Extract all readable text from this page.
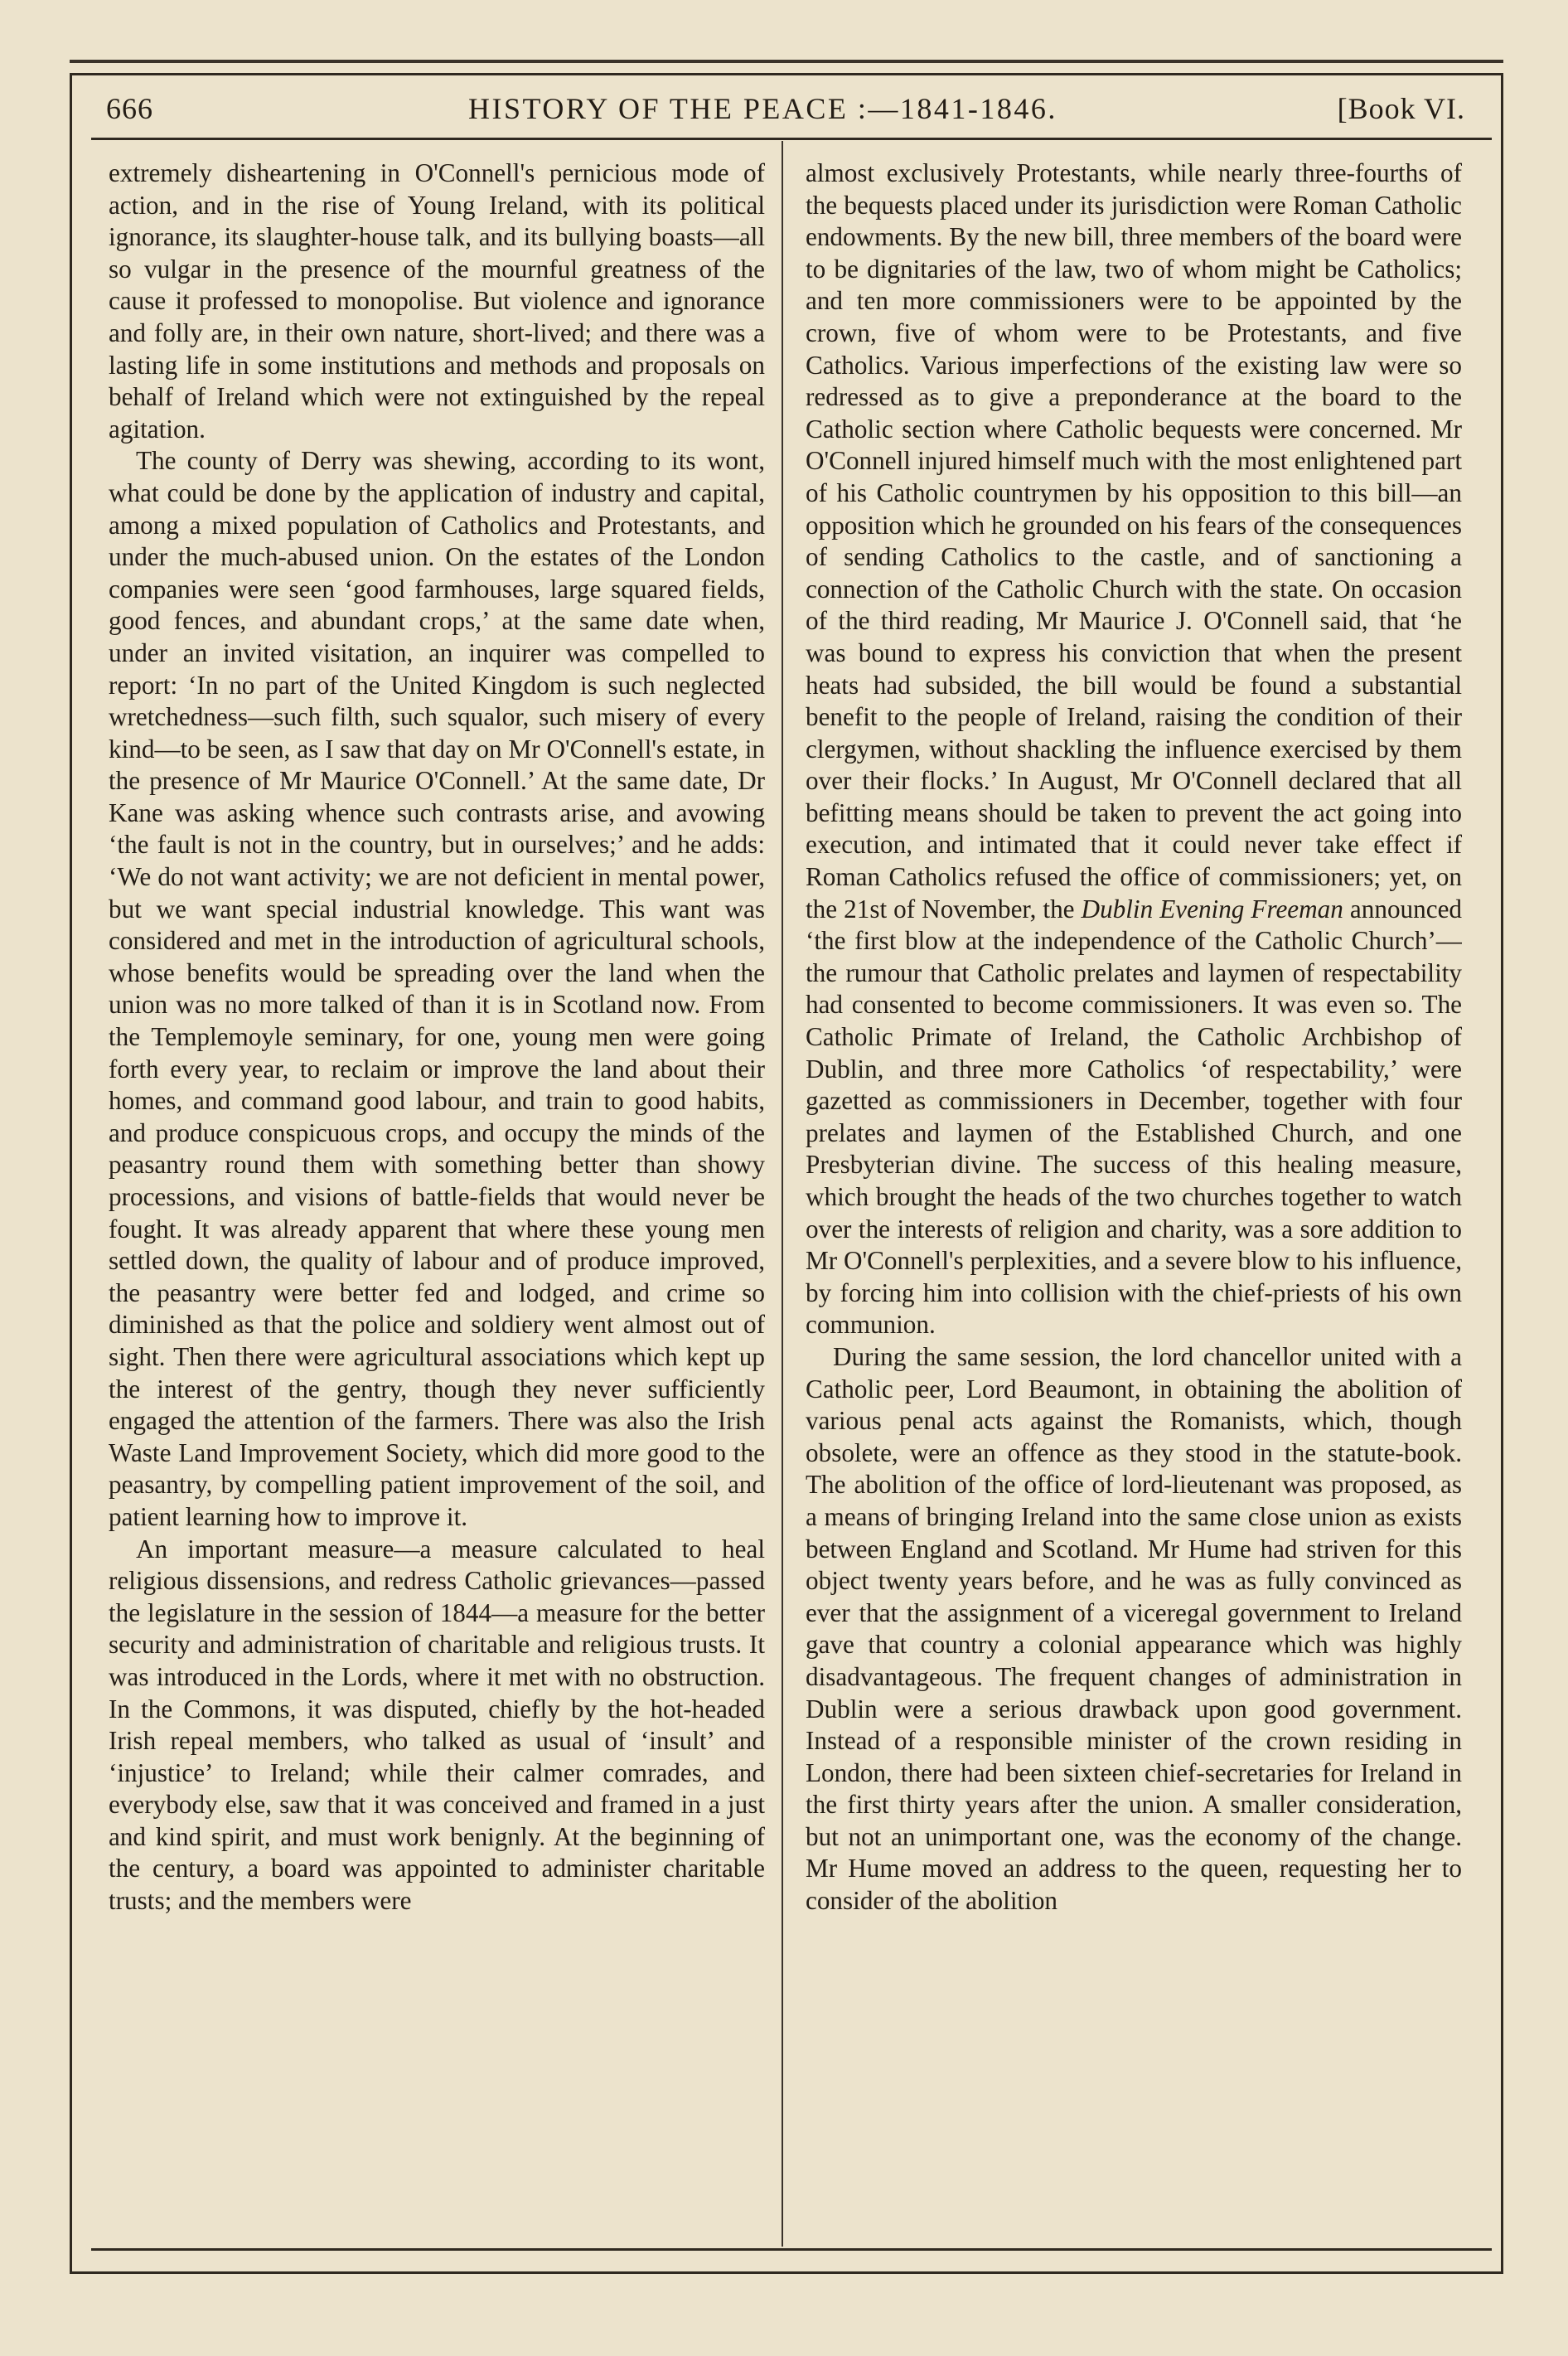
666	HISTORY OF THE PEACE :—1841-1846.	[Book VI.

extremely disheartening in O'Connell's pernicious mode of action, and in the rise of Young Ireland, with its political ignorance, its slaughter-house talk, and its bullying boasts—all so vulgar in the presence of the mournful greatness of the cause it professed to monopolise. But violence and ignorance and folly are, in their own nature, short-lived; and there was a lasting life in some institutions and methods and proposals on behalf of Ireland which were not extinguished by the repeal agitation.

The county of Derry was shewing, according to its wont, what could be done by the application of industry and capital, among a mixed population of Catholics and Protestants, and under the much-abused union. On the estates of the London companies were seen ‘good farmhouses, large squared fields, good fences, and abundant crops,’ at the same date when, under an invited visitation, an inquirer was compelled to report: ‘In no part of the United Kingdom is such neglected wretchedness—such filth, such squalor, such misery of every kind—to be seen, as I saw that day on Mr O'Connell's estate, in the presence of Mr Maurice O'Connell.’ At the same date, Dr Kane was asking whence such contrasts arise, and avowing ‘the fault is not in the country, but in ourselves;’ and he adds: ‘We do not want activity; we are not deficient in mental power, but we want special industrial knowledge. This want was considered and met in the introduction of agricultural schools, whose benefits would be spreading over the land when the union was no more talked of than it is in Scotland now. From the Templemoyle seminary, for one, young men were going forth every year, to reclaim or improve the land about their homes, and command good labour, and train to good habits, and produce conspicuous crops, and occupy the minds of the peasantry round them with something better than showy processions, and visions of battle-fields that would never be fought. It was already apparent that where these young men settled down, the quality of labour and of produce improved, the peasantry were better fed and lodged, and crime so diminished as that the police and soldiery went almost out of sight. Then there were agricultural associations which kept up the interest of the gentry, though they never sufficiently engaged the attention of the farmers. There was also the Irish Waste Land Improvement Society, which did more good to the peasantry, by compelling patient improvement of the soil, and patient learning how to improve it.

An important measure—a measure calculated to heal religious dissensions, and redress Catholic grievances—passed the legislature in the session of 1844—a measure for the better security and administration of charitable and religious trusts. It was introduced in the Lords, where it met with no obstruction. In the Commons, it was disputed, chiefly by the hot-headed Irish repeal members, who talked as usual of ‘insult’ and ‘injustice’ to Ireland; while their calmer comrades, and everybody else, saw that it was conceived and framed in a just and kind spirit, and must work benignly. At the beginning of the century, a board was appointed to administer charitable trusts; and the members were

almost exclusively Protestants, while nearly three-fourths of the bequests placed under its jurisdiction were Roman Catholic endowments. By the new bill, three members of the board were to be dignitaries of the law, two of whom might be Catholics; and ten more commissioners were to be appointed by the crown, five of whom were to be Protestants, and five Catholics. Various imperfections of the existing law were so redressed as to give a preponderance at the board to the Catholic section where Catholic bequests were concerned. Mr O'Connell injured himself much with the most enlightened part of his Catholic countrymen by his opposition to this bill—an opposition which he grounded on his fears of the consequences of sending Catholics to the castle, and of sanctioning a connection of the Catholic Church with the state. On occasion of the third reading, Mr Maurice J. O'Connell said, that ‘he was bound to express his conviction that when the present heats had subsided, the bill would be found a substantial benefit to the people of Ireland, raising the condition of their clergymen, without shackling the influence exercised by them over their flocks.’ In August, Mr O'Connell declared that all befitting means should be taken to prevent the act going into execution, and intimated that it could never take effect if Roman Catholics refused the office of commissioners; yet, on the 21st of November, the Dublin Evening Freeman announced ‘the first blow at the independence of the Catholic Church’—the rumour that Catholic prelates and laymen of respectability had consented to become commissioners. It was even so. The Catholic Primate of Ireland, the Catholic Archbishop of Dublin, and three more Catholics ‘of respectability,’ were gazetted as commissioners in December, together with four prelates and laymen of the Established Church, and one Presbyterian divine. The success of this healing measure, which brought the heads of the two churches together to watch over the interests of religion and charity, was a sore addition to Mr O'Connell's perplexities, and a severe blow to his influence, by forcing him into collision with the chief-priests of his own communion.

During the same session, the lord chancellor united with a Catholic peer, Lord Beaumont, in obtaining the abolition of various penal acts against the Romanists, which, though obsolete, were an offence as they stood in the statute-book. The abolition of the office of lord-lieutenant was proposed, as a means of bringing Ireland into the same close union as exists between England and Scotland. Mr Hume had striven for this object twenty years before, and he was as fully convinced as ever that the assignment of a viceregal government to Ireland gave that country a colonial appearance which was highly disadvantageous. The frequent changes of administration in Dublin were a serious drawback upon good government. Instead of a responsible minister of the crown residing in London, there had been sixteen chief-secretaries for Ireland in the first thirty years after the union. A smaller consideration, but not an unimportant one, was the economy of the change. Mr Hume moved an address to the queen, requesting her to consider of the abolition
